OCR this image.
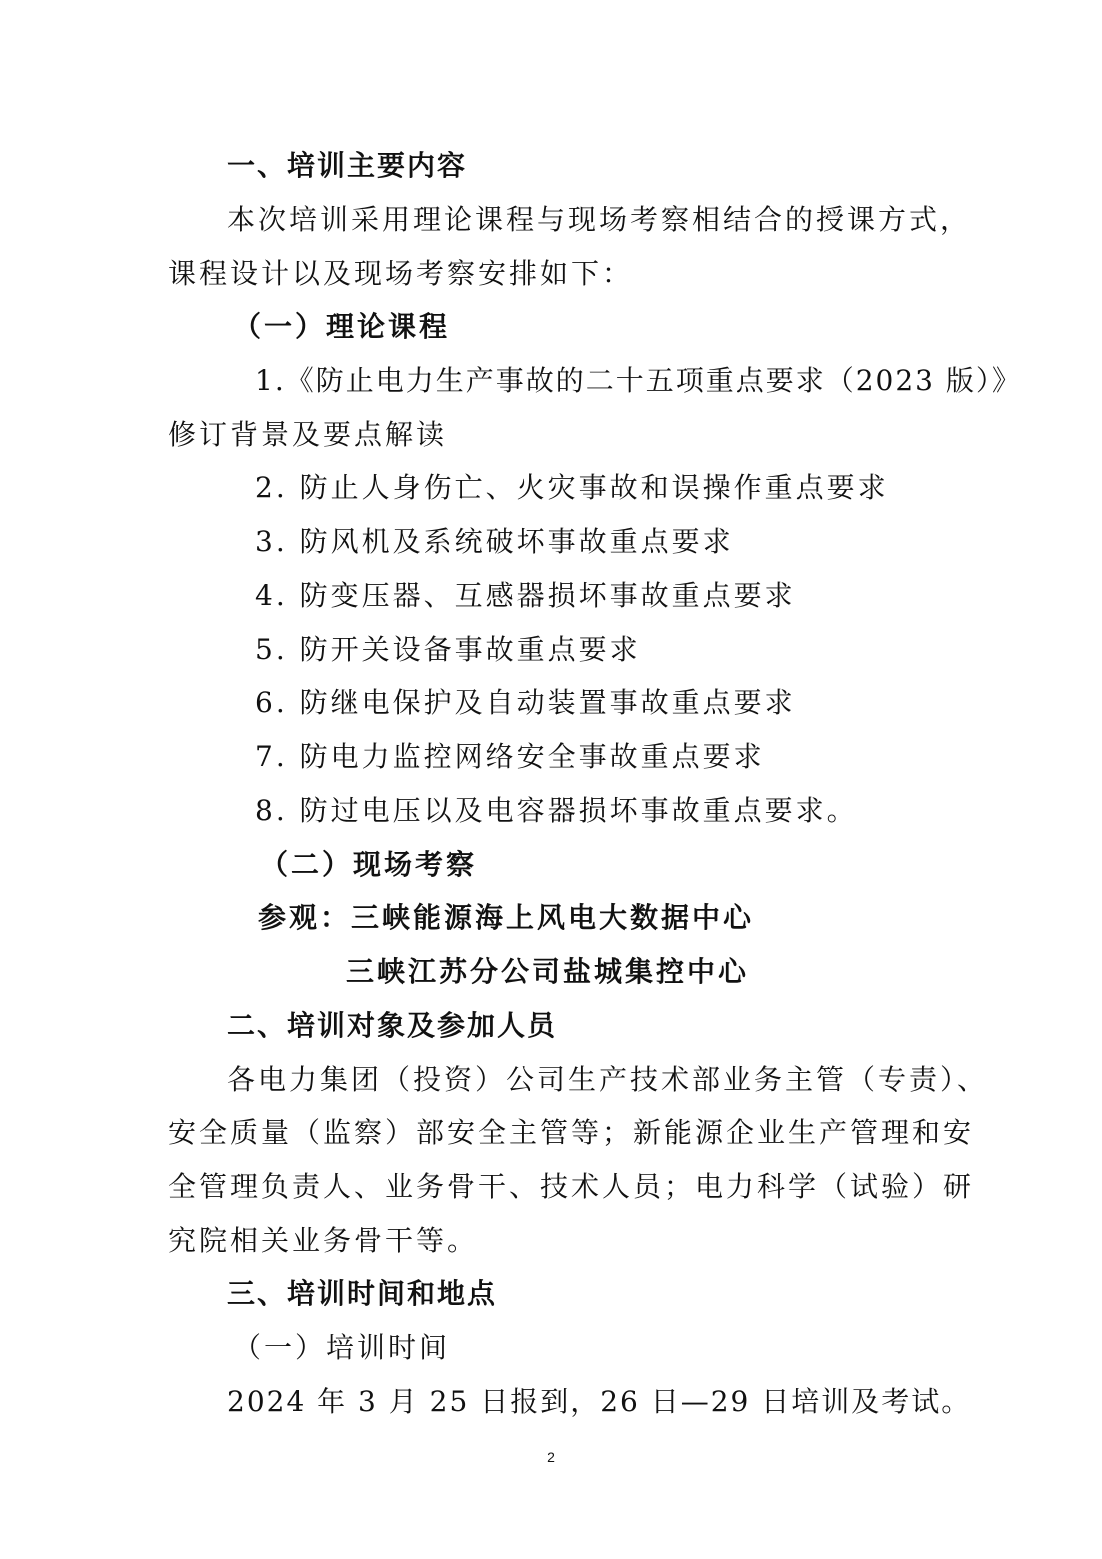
一、培训主要内容
本次培训采用理论课程与现场考察相结合的授课方式，
课程设计以及现场考察安排如下：
（一）理论课程
1.《防止电力生产事故的二十五项重点要求（2023 版）》
修订背景及要点解读
2. 防止人身伤亡、火灾事故和误操作重点要求
3. 防风机及系统破坏事故重点要求
4. 防变压器、互感器损坏事故重点要求
5. 防开关设备事故重点要求
6. 防继电保护及自动装置事故重点要求
7. 防电力监控网络安全事故重点要求
8. 防过电压以及电容器损坏事故重点要求。
（二）现场考察
参观：三峡能源海上风电大数据中心
三峡江苏分公司盐城集控中心
二、培训对象及参加人员
各电力集团（投资）公司生产技术部业务主管（专责）、
安全质量（监察）部安全主管等；新能源企业生产管理和安
全管理负责人、业务骨干、技术人员；电力科学（试验）研
究院相关业务骨干等。
三、培训时间和地点
（一）培训时间
2024 年 3 月 25 日报到，26 日—29 日培训及考试。
2
